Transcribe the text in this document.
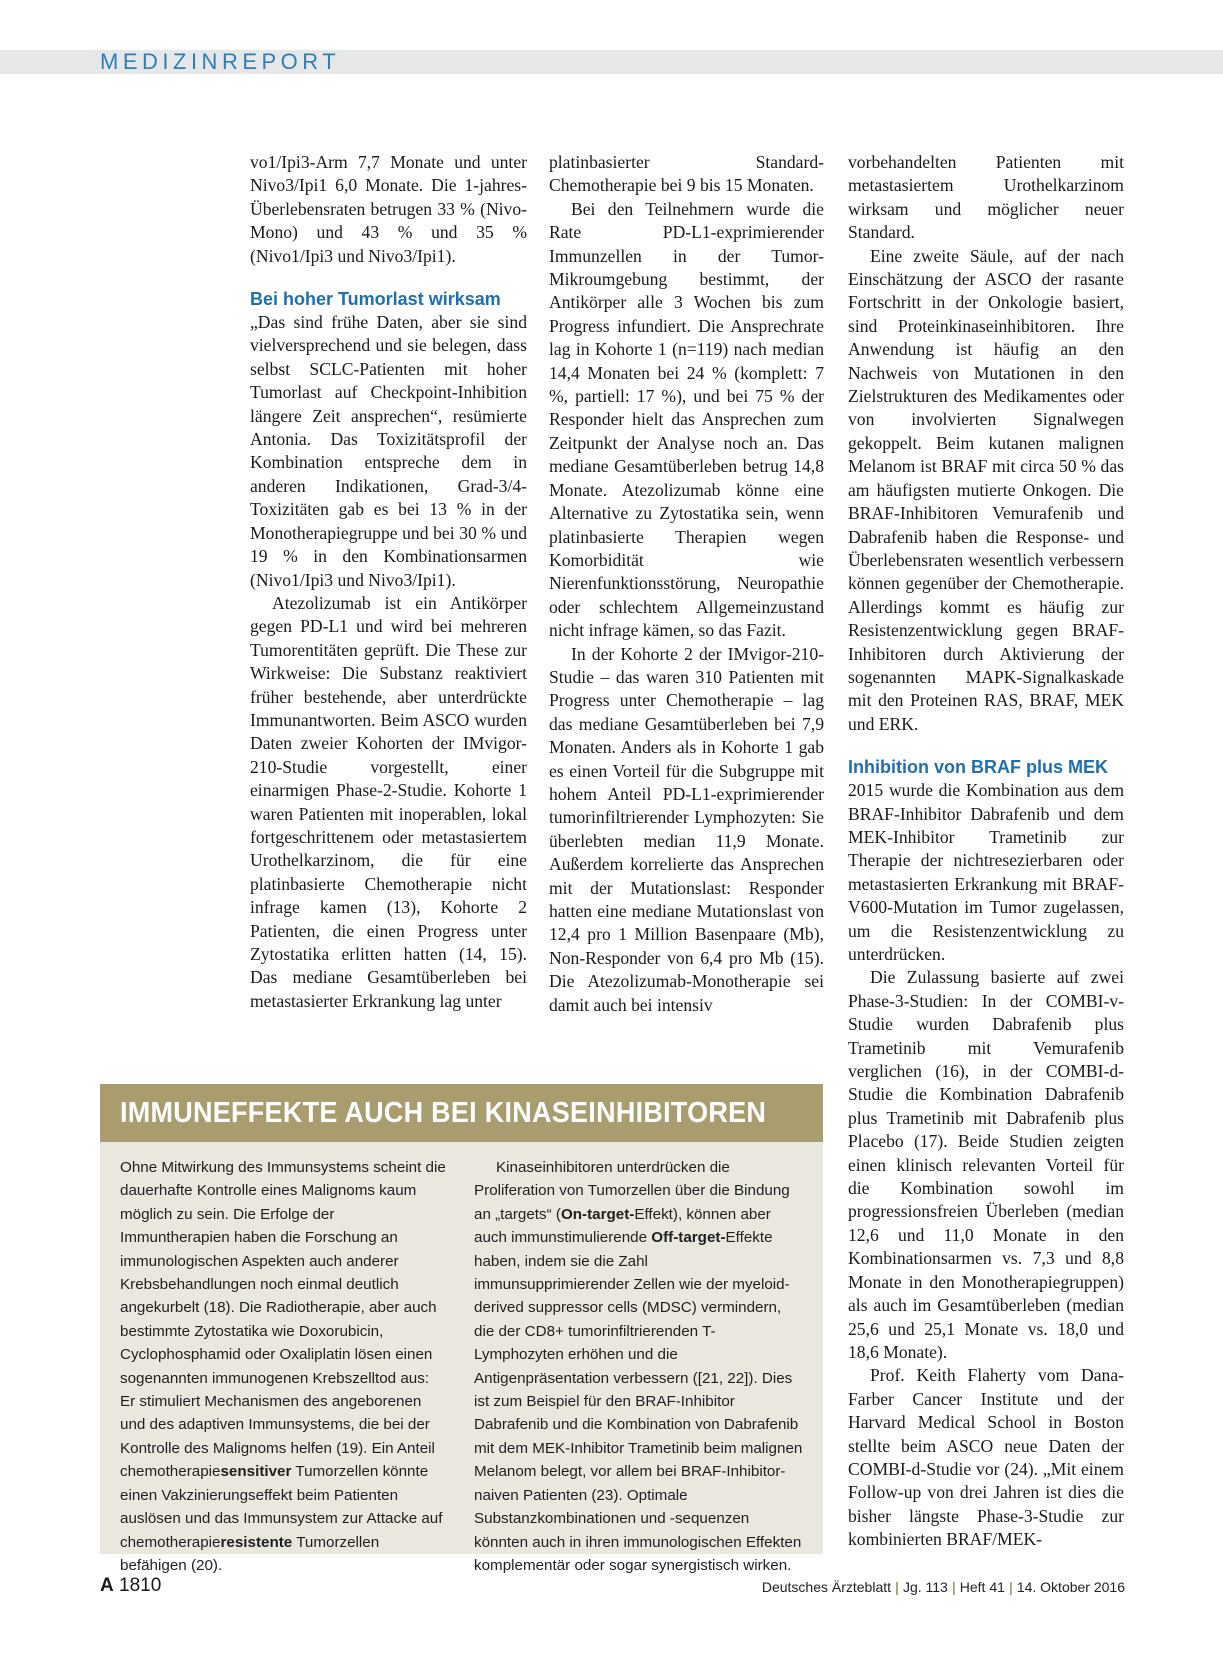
MEDIZINREPORT

vo1/Ipi3-Arm 7,7 Monate und unter Nivo3/Ipi1 6,0 Monate. Die 1-jahres-Überlebensraten betrugen 33 % (Nivo-Mono) und 43 % und 35 % (Nivo1/Ipi3 und Nivo3/Ipi1).

Bei hoher Tumorlast wirksam

„Das sind frühe Daten, aber sie sind vielversprechend und sie belegen, dass selbst SCLC-Patienten mit hoher Tumorlast auf Checkpoint-Inhibition längere Zeit ansprechen“, resümierte Antonia. Das Toxizitätsprofil der Kombination entspreche dem in anderen Indikationen, Grad-3/4-Toxizitäten gab es bei 13 % in der Monotherapiegruppe und bei 30 % und 19 % in den Kombinationsarmen (Nivo1/Ipi3 und Nivo3/Ipi1).

Atezolizumab ist ein Antikörper gegen PD-L1 und wird bei mehreren Tumorentitäten geprüft. Die These zur Wirkweise: Die Substanz reaktiviert früher bestehende, aber unterdrückte Immunantworten. Beim ASCO wurden Daten zweier Kohorten der IMvigor-210-Studie vorgestellt, einer einarmigen Phase-2-Studie. Kohorte 1 waren Patienten mit inoperablen, lokal fortgeschrittenem oder metastasiertem Urothelkarzinom, die für eine platinbasierte Chemotherapie nicht infrage kamen (13), Kohorte 2 Patienten, die einen Progress unter Zytostatika erlitten hatten (14, 15). Das mediane Gesamtüberleben bei metastasierter Erkrankung lag unter

platinbasierter Standard-Chemotherapie bei 9 bis 15 Monaten.

Bei den Teilnehmern wurde die Rate PD-L1-exprimierender Immunzellen in der Tumor-Mikroumgebung bestimmt, der Antikörper alle 3 Wochen bis zum Progress infundiert. Die Ansprechrate lag in Kohorte 1 (n=119) nach median 14,4 Monaten bei 24 % (komplett: 7 %, partiell: 17 %), und bei 75 % der Responder hielt das Ansprechen zum Zeitpunkt der Analyse noch an. Das mediane Gesamtüberleben betrug 14,8 Monate. Atezolizumab könne eine Alternative zu Zytostatika sein, wenn platinbasierte Therapien wegen Komorbidität wie Nierenfunktionsstörung, Neuropathie oder schlechtem Allgemeinzustand nicht infrage kämen, so das Fazit.

In der Kohorte 2 der IMvigor-210-Studie – das waren 310 Patienten mit Progress unter Chemotherapie – lag das mediane Gesamtüberleben bei 7,9 Monaten. Anders als in Kohorte 1 gab es einen Vorteil für die Subgruppe mit hohem Anteil PD-L1-exprimierender tumorinfiltrierender Lymphozyten: Sie überlebten median 11,9 Monate. Außerdem korrelierte das Ansprechen mit der Mutationslast: Responder hatten eine mediane Mutationslast von 12,4 pro 1 Million Basenpaare (Mb), Non-Responder von 6,4 pro Mb (15). Die Atezolizumab-Monotherapie sei damit auch bei intensiv

vorbehandelten Patienten mit metastasiertem Urothelkarzinom wirksam und möglicher neuer Standard.

Eine zweite Säule, auf der nach Einschätzung der ASCO der rasante Fortschritt in der Onkologie basiert, sind Proteinkinaseinhibitoren. Ihre Anwendung ist häufig an den Nachweis von Mutationen in den Zielstrukturen des Medikamentes oder von involvierten Signalwegen gekoppelt. Beim kutanen malignen Melanom ist BRAF mit circa 50 % das am häufigsten mutierte Onkogen. Die BRAF-Inhibitoren Vemurafenib und Dabrafenib haben die Response- und Überlebensraten wesentlich verbessern können gegenüber der Chemotherapie. Allerdings kommt es häufig zur Resistenzentwicklung gegen BRAF-Inhibitoren durch Aktivierung der sogenannten MAPK-Signalkaskade mit den Proteinen RAS, BRAF, MEK und ERK.

Inhibition von BRAF plus MEK

2015 wurde die Kombination aus dem BRAF-Inhibitor Dabrafenib und dem MEK-Inhibitor Trametinib zur Therapie der nichtresezierbaren oder metastasierten Erkrankung mit BRAF-V600-Mutation im Tumor zugelassen, um die Resistenzentwicklung zu unterdrücken.

Die Zulassung basierte auf zwei Phase-3-Studien: In der COMBI-v-Studie wurden Dabrafenib plus Trametinib mit Vemurafenib verglichen (16), in der COMBI-d-Studie die Kombination Dabrafenib plus Trametinib mit Dabrafenib plus Placebo (17). Beide Studien zeigten einen klinisch relevanten Vorteil für die Kombination sowohl im progressionsfreien Überleben (median 12,6 und 11,0 Monate in den Kombinationsarmen vs. 7,3 und 8,8 Monate in den Monotherapiegruppen) als auch im Gesamtüberleben (median 25,6 und 25,1 Monate vs. 18,0 und 18,6 Monate).

Prof. Keith Flaherty vom Dana-Farber Cancer Institute und der Harvard Medical School in Boston stellte beim ASCO neue Daten der COMBI-d-Studie vor (24). „Mit einem Follow-up von drei Jahren ist dies die bisher längste Phase-3-Studie zur kombinierten BRAF/MEK-

IMMUNEFFEKTE AUCH BEI KINASEINHIBITOREN

Ohne Mitwirkung des Immunsystems scheint die dauerhafte Kontrolle eines Malignoms kaum möglich zu sein. Die Erfolge der Immuntherapien haben die Forschung an immunologischen Aspekten auch anderer Krebsbehandlungen noch einmal deutlich angekurbelt (18). Die Radiotherapie, aber auch bestimmte Zytostatika wie Doxorubicin, Cyclophosphamid oder Oxaliplatin lösen einen sogenannten immunogenen Krebszelltod aus: Er stimuliert Mechanismen des angeborenen und des adaptiven Immunsystems, die bei der Kontrolle des Malignoms helfen (19). Ein Anteil chemotherapiesensitiver Tumorzellen könnte einen Vakzinierungseffekt beim Patienten auslösen und das Immunsystem zur Attacke auf chemotherapieresistente Tumorzellen befähigen (20).

Kinaseinhibitoren unterdrücken die Proliferation von Tumorzellen über die Bindung an „targets“ (On-target-Effekt), können aber auch immunstimulierende Off-target-Effekte haben, indem sie die Zahl immunsupprimierender Zellen wie der myeloid-derived suppressor cells (MDSC) vermindern, die der CD8+ tumorinfiltrierenden T-Lymphozyten erhöhen und die Antigenpräsentation verbessern ([21, 22]). Dies ist zum Beispiel für den BRAF-Inhibitor Dabrafenib und die Kombination von Dabrafenib mit dem MEK-Inhibitor Trametinib beim malignen Melanom belegt, vor allem bei BRAF-Inhibitor-naiven Patienten (23). Optimale Substanzkombinationen und -sequenzen könnten auch in ihren immunologischen Effekten komplementär oder sogar synergistisch wirken.

A 1810	Deutsches Ärzteblatt | Jg. 113 | Heft 41 | 14. Oktober 2016
